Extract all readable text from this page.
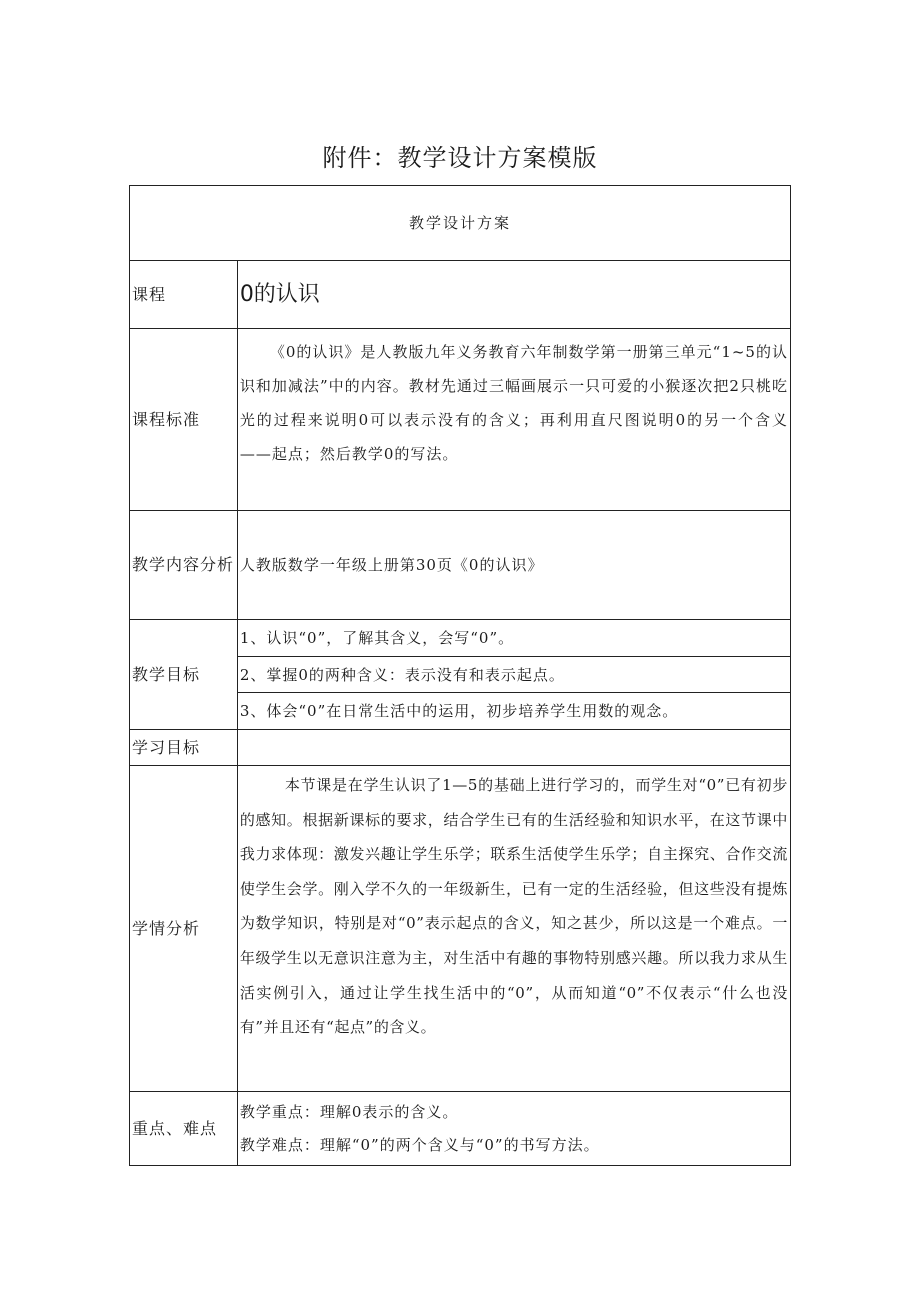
附件：教学设计方案模版
教学设计方案	
课程	0的认识
课程标准	《0的认识》是人教版九年义务教育六年制数学第一册第三单元“1~5的认识和加减法”中的内容。教材先通过三幅画展示一只可爱的小猴逐次把2只桃吃光的过程来说明0可以表示没有的含义；再利用直尺图说明0的另一个含义——起点；然后教学0的写法。

教学内容分析	人教版数学一年级上册第30页《0的认识》
教学目标	1、认识“0”，了解其含义，会写“0”。
	2、掌握0的两种含义：表示没有和表示起点。
	3、体会“0”在日常生活中的运用，初步培养学生用数的观念。
学习目标	
学情分析	本节课是在学生认识了1—5的基础上进行学习的，而学生对“0”已有初步的感知。根据新课标的要求，结合学生已有的生活经验和知识水平，在这节课中我力求体现：激发兴趣让学生乐学；联系生活使学生乐学；自主探究、合作交流使学生会学。刚入学不久的一年级新生，已有一定的生活经验，但这些没有提炼为数学知识，特别是对“0”表示起点的含义，知之甚少，所以这是一个难点。一年级学生以无意识注意为主，对生活中有趣的事物特别感兴趣。所以我力求从生活实例引入，通过让学生找生活中的“0”，从而知道“0”不仅表示“什么也没有”并且还有“起点”的含义。

重点、难点	教学重点：理解0表示的含义。
教学难点：理解“0”的两个含义与“0”的书写方法。
